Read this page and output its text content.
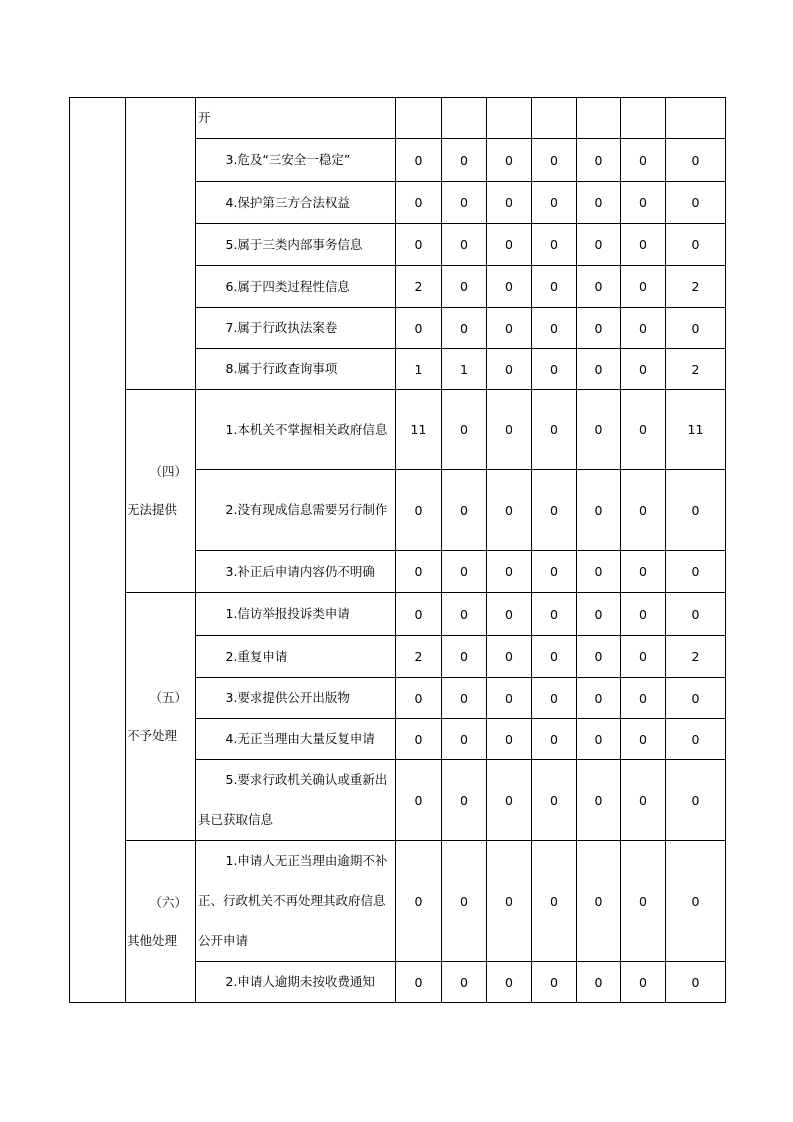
		开							
		3.危及“三安全一稳定”	0	0	0	0	0	0	0
		4.保护第三方合法权益	0	0	0	0	0	0	0
		5.属于三类内部事务信息	0	0	0	0	0	0	0
		6.属于四类过程性信息	2	0	0	0	0	0	2
		7.属于行政执法案卷	0	0	0	0	0	0	0
		8.属于行政查询事项	1	1	0	0	0	0	2

	（四）
无法提供	1.本机关不掌握相关政府信息	11	0	0	0	0	0	11
		2.没有现成信息需要另行制作	0	0	0	0	0	0	0
		3.补正后申请内容仍不明确	0	0	0	0	0	0	0

	（五）
不予处理	1.信访举报投诉类申请	0	0	0	0	0	0	0
		2.重复申请	2	0	0	0	0	0	2
		3.要求提供公开出版物	0	0	0	0	0	0	0
		4.无正当理由大量反复申请	0	0	0	0	0	0	0
		5.要求行政机关确认或重新出具已获取信息	0	0	0	0	0	0	0

	（六）
其他处理	1.申请人无正当理由逾期不补正、行政机关不再处理其政府信息公开申请	0	0	0	0	0	0	0
		2.申请人逾期未按收费通知	0	0	0	0	0	0	0
